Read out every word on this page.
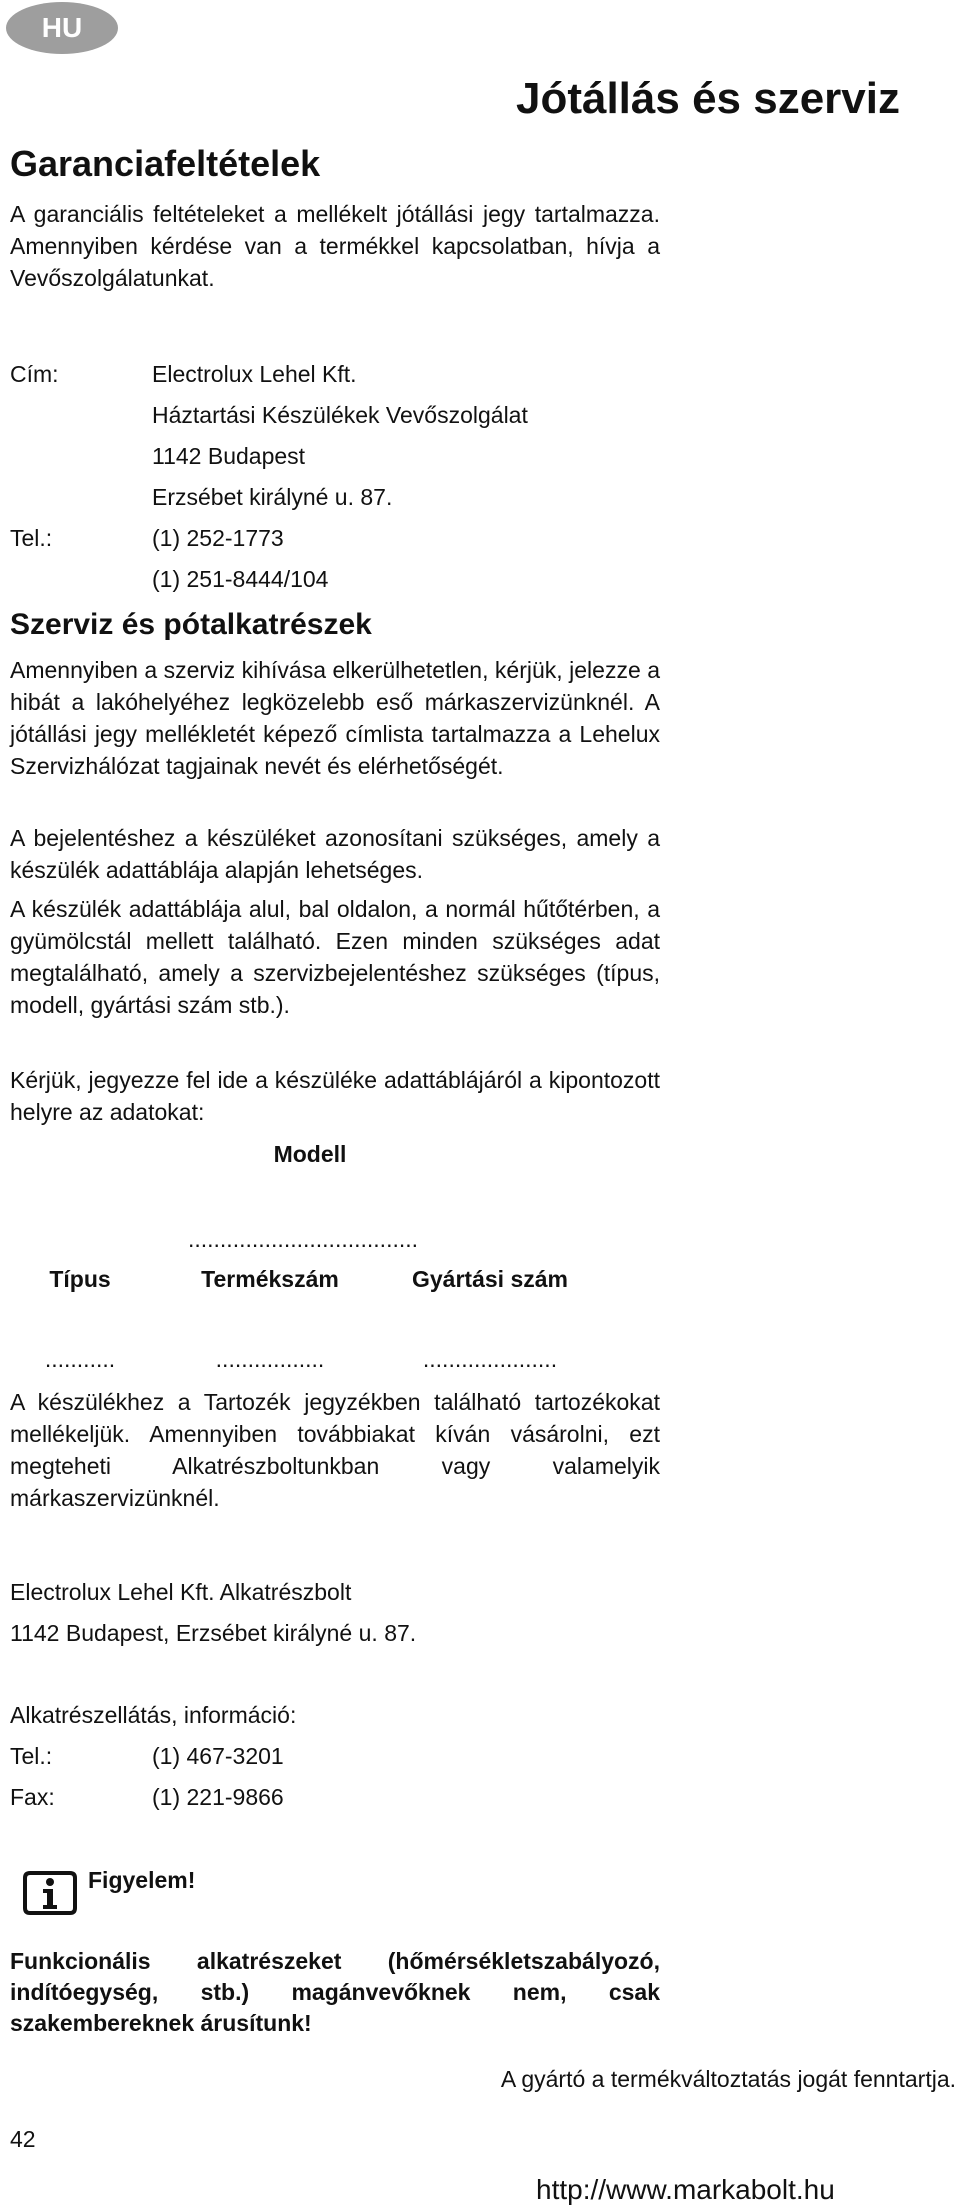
HU
Jótállás és szerviz
Garanciafeltételek
A garanciális feltételeket a mellékelt jótállási jegy tartalmazza. Amennyiben kérdése van a termékkel kapcsolatban, hívja a Vevőszolgálatunkat.
Cím:	Electrolux Lehel Kft.
Háztartási Készülékek Vevőszolgálat
1142 Budapest
Erzsébet királyné u. 87.
Tel.:	(1) 252-1773
(1) 251-8444/104
Szerviz és pótalkatrészek
Amennyiben a szerviz kihívása elkerülhetetlen, kérjük, jelezze a hibát a lakóhelyéhez legközelebb eső márkaszervizünknél. A jótállási jegy mellékletét képező címlista tartalmazza a Lehelux Szervizhálózat tagjainak nevét és elérhetőségét.
A bejelentéshez a készüléket azonosítani szükséges, amely a készülék adattáblája alapján lehetséges.
A készülék adattáblája alul, bal oldalon, a normál hűtőtérben, a gyümölcstál mellett található. Ezen minden szükséges adat megtalálható, amely a szervizbejelentéshez szükséges (típus, modell, gyártási szám stb.).
Kérjük, jegyezze fel ide a készüléke adattáblájáról a kipontozott helyre az adatokat:
Modell
....................................
Típus	Termékszám	Gyártási szám
...........	.................	.....................
A készülékhez a Tartozék jegyzékben található tartozékokat mellékeljük. Amennyiben továbbiakat kíván vásárolni, ezt megteheti Alkatrészboltunkban vagy valamelyik márkaszervizünknél.
Electrolux Lehel Kft. Alkatrészbolt
1142 Budapest, Erzsébet királyné u. 87.
Alkatrészellátás, információ:
Tel.:	(1) 467-3201
Fax:	(1) 221-9866
Figyelem!
Funkcionális alkatrészeket (hőmérsékletszabályozó, indítóegység, stb.) magánvevőknek nem, csak szakembereknek árusítunk!
A gyártó a termékváltoztatás jogát fenntartja.
42
http://www.markabolt.hu
